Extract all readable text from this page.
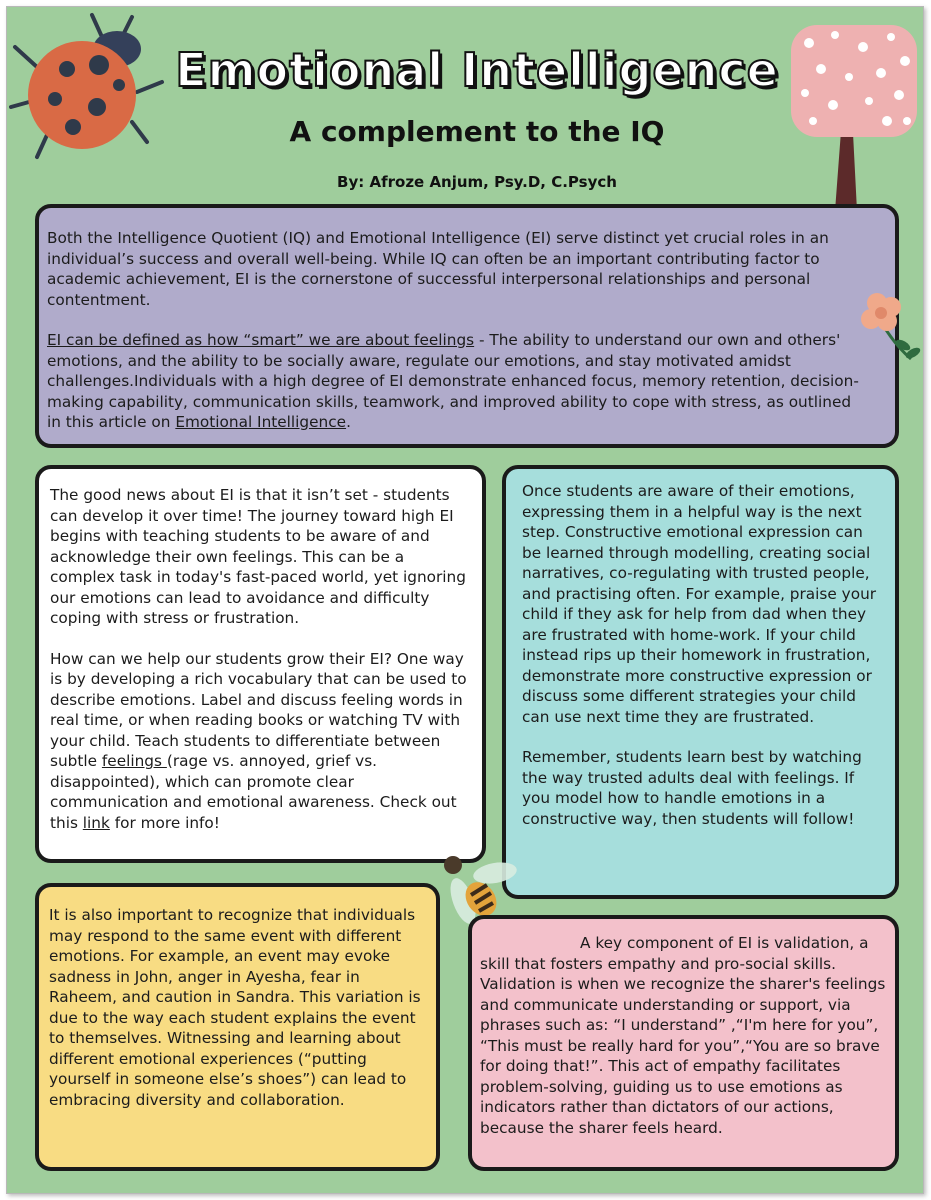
Emotional Intelligence
A complement to the IQ
By: Afroze Anjum, Psy.D, C.Psych

Both the Intelligence Quotient (IQ) and Emotional Intelligence (EI) serve distinct yet crucial roles in an individual’s success and overall well-being. While IQ can often be an important contributing factor to academic achievement, EI is the cornerstone of successful interpersonal relationships and personal contentment.

EI can be defined as how “smart” we are about feelings - The ability to understand our own and others' emotions, and the ability to be socially aware, regulate our emotions, and stay motivated amidst challenges.Individuals with a high degree of EI demonstrate enhanced focus, memory retention, decision-making capability, communication skills, teamwork, and improved ability to cope with stress, as outlined in this article on Emotional Intelligence.

The good news about EI is that it isn’t set - students can develop it over time! The journey toward high EI begins with teaching students to be aware of and acknowledge their own feelings. This can be a complex task in today's fast-paced world, yet ignoring our emotions can lead to avoidance and difficulty coping with stress or frustration.

How can we help our students grow their EI? One way is by developing a rich vocabulary that can be used to describe emotions. Label and discuss feeling words in real time, or when reading books or watching TV with your child. Teach students to differentiate between subtle feelings (rage vs. annoyed, grief vs. disappointed), which can promote clear communication and emotional awareness. Check out this link for more info!

Once students are aware of their emotions, expressing them in a helpful way is the next step. Constructive emotional expression can be learned through modelling, creating social narratives, co-regulating with trusted people, and practising often. For example, praise your child if they ask for help from dad when they are frustrated with home-work. If your child instead rips up their homework in frustration, demonstrate more constructive expression or discuss some different strategies your child can use next time they are frustrated.

Remember, students learn best by watching the way trusted adults deal with feelings. If you model how to handle emotions in a constructive way, then students will follow!

It is also important to recognize that individuals may respond to the same event with different emotions. For example, an event may evoke sadness in John, anger in Ayesha, fear in Raheem, and caution in Sandra. This variation is due to the way each student explains the event to themselves. Witnessing and learning about different emotional experiences (“putting yourself in someone else’s shoes”) can lead to embracing diversity and collaboration.

A key component of EI is validation, a skill that fosters empathy and pro-social skills. Validation is when we recognize the sharer's feelings and communicate understanding or support, via phrases such as: “I understand” ,“I'm here for you”, “This must be really hard for you”,“You are so brave for doing that!”. This act of empathy facilitates problem-solving, guiding us to use emotions as indicators rather than dictators of our actions, because the sharer feels heard.
